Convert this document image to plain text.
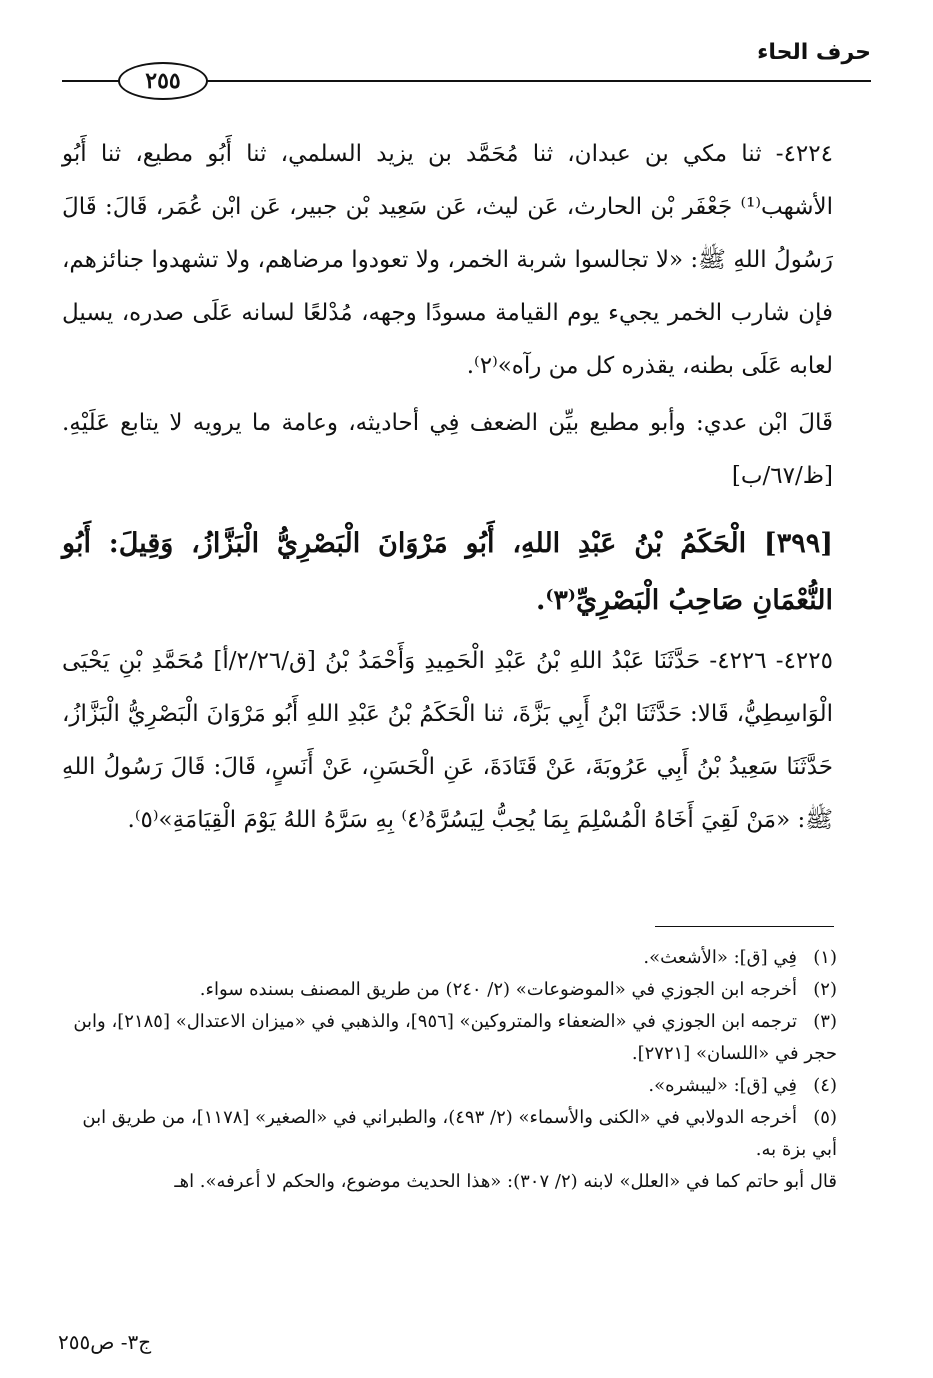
حرف الحاء
٢٥٥

٤٢٢٤- ثنا مكي بن عبدان، ثنا مُحَمَّد بن يزيد السلمي، ثنا أَبُو مطيع، ثنا أَبُو الأشهب⁽¹⁾ جَعْفَر بْن الحارث، عَن ليث، عَن سَعِيد بْن جبير، عَن ابْن عُمَر، قَالَ: قَالَ رَسُولُ اللهِ ﷺ: «لا تجالسوا شربة الخمر، ولا تعودوا مرضاهم، ولا تشهدوا جنائزهم، فإن شارب الخمر يجيء يوم القيامة مسودًا وجهه، مُدْلعًا لسانه عَلَى صدره، يسيل لعابه عَلَى بطنه، يقذره كل من رآه»⁽٢⁾.

قَالَ ابْن عدي: وأبو مطيع بيِّن الضعف فِي أحاديثه، وعامة ما يرويه لا يتابع عَلَيْهِ. [ظ/٦٧/ب]

[٣٩٩] الْحَكَمُ بْنُ عَبْدِ اللهِ، أَبُو مَرْوَانَ الْبَصْرِيُّ الْبَزَّازُ، وَقِيلَ: أَبُو النُّعْمَانِ صَاحِبُ الْبَصْرِيِّ⁽٣⁾.

٤٢٢٥- ٤٢٢٦- حَدَّثَنَا عَبْدُ اللهِ بْنُ عَبْدِ الْحَمِيدِ وَأَحْمَدُ بْنُ [ق/٢/٢٦/أ] مُحَمَّدِ بْنِ يَحْيَى الْوَاسِطِيُّ، قَالا: حَدَّثَنَا ابْنُ أَبِي بَزَّةَ، ثنا الْحَكَمُ بْنُ عَبْدِ اللهِ أَبُو مَرْوَانَ الْبَصْرِيُّ الْبَزَّازُ، حَدَّثَنَا سَعِيدُ بْنُ أَبِي عَرُوبَةَ، عَنْ قَتَادَةَ، عَنِ الْحَسَنِ، عَنْ أَنَسٍ، قَالَ: قَالَ رَسُولُ اللهِ ﷺ: «مَنْ لَقِيَ أَخَاهُ الْمُسْلِمَ بِمَا يُحِبُّ لِيَسُرَّهُ⁽٤⁾ بِهِ سَرَّهُ اللهُ يَوْمَ الْقِيَامَةِ»⁽٥⁾.

(١)فِي [ق]: «الأشعث».

(٢)أخرجه ابن الجوزي في «الموضوعات» (٢/ ٢٤٠) من طريق المصنف بسنده سواء.

(٣)ترجمه ابن الجوزي في «الضعفاء والمتروكين» [٩٥٦]، والذهبي في «ميزان الاعتدال» [٢١٨٥]، وابن حجر في «اللسان» [٢٧٢١].

(٤)فِي [ق]: «ليبشره».

(٥)أخرجه الدولابي في «الكنى والأسماء» (٢/ ٤٩٣)، والطبراني في «الصغير» [١١٧٨]، من طريق ابن أبي بزة به.

قال أبو حاتم كما في «العلل» لابنه (٢/ ٣٠٧): «هذا الحديث موضوع، والحكم لا أعرفه». اهـ

ج٣- ص٢٥٥
